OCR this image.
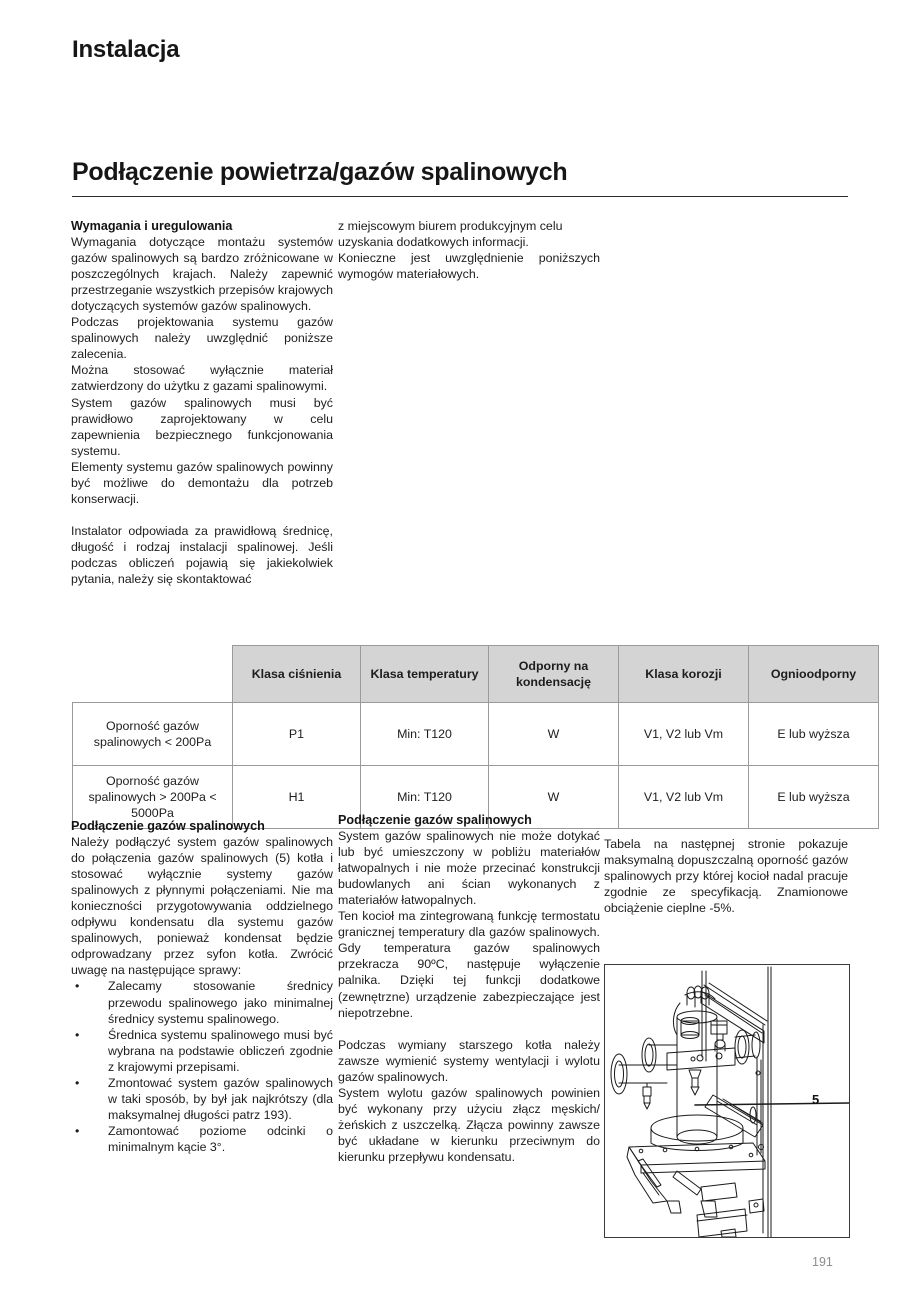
Instalacja
Podłączenie powietrza/gazów spalinowych
Wymagania i uregulowania

Wymagania dotyczące montażu systemów gazów spalinowych są bardzo zróżnicowane w poszczególnych krajach. Należy zapewnić przestrzeganie wszystkich przepisów krajowych dotyczących systemów gazów spalinowych.

Podczas projektowania systemu gazów spalinowych należy uwzględnić poniższe zalecenia.

Można stosować wyłącznie materiał zatwierdzony do użytku z gazami spalinowymi.

System gazów spalinowych musi być prawidłowo zaprojektowany w celu zapewnienia bezpiecznego funkcjonowania systemu.

Elementy systemu gazów spalinowych powinny być możliwe do demontażu dla potrzeb konserwacji.

Instalator odpowiada za prawidłową średnicę, długość i rodzaj instalacji spalinowej. Jeśli podczas obliczeń pojawią się jakiekolwiek pytania, należy się skontaktować

z miejscowym biurem produkcyjnym celu uzyskania dodatkowych informacji.

Konieczne jest uwzględnienie poniższych wymogów materiałowych.

	Klasa ciśnienia	Klasa temperatury	Odporny na kondensację	Klasa korozji	Ognioodporny
Oporność gazów spalinowych < 200Pa	P1	Min: T120	W	V1, V2 lub Vm	E lub wyższa
Oporność gazów spalinowych > 200Pa < 5000Pa	H1	Min: T120	W	V1, V2 lub Vm	E lub wyższa
Podłączenie gazów spalinowych

Należy podłączyć system gazów spalinowych do połączenia gazów spalinowych (5) kotła i stosować wyłącznie systemy gazów spalinowych z płynnymi połączeniami. Nie ma konieczności przygotowywania oddzielnego odpływu kondensatu dla systemu gazów spalinowych, ponieważ kondensat będzie odprowadzany przez syfon kotła. Zwrócić uwagę na następujące sprawy:

• Zalecamy stosowanie średnicy przewodu spalinowego jako minimalnej średnicy systemu spalinowego.
• Średnica systemu spalinowego musi być wybrana na podstawie obliczeń zgodnie z krajowymi przepisami.
• Zmontować system gazów spalinowych w taki sposób, by był jak najkrótszy (dla maksymalnej długości patrz 193).
• Zamontować poziome odcinki o minimalnym kącie 3°.
Podłączenie gazów spalinowych

System gazów spalinowych nie może dotykać lub być umieszczony w pobliżu materiałów łatwopalnych i nie może przecinać konstrukcji budowlanych ani ścian wykonanych z materiałów łatwopalnych.

Ten kocioł ma zintegrowaną funkcję termostatu granicznej temperatury dla gazów spalinowych. Gdy temperatura gazów spalinowych przekracza 90ºC, następuje wyłączenie palnika. Dzięki tej funkcji dodatkowe (zewnętrzne) urządzenie zabezpieczające jest niepotrzebne.

Podczas wymiany starszego kotła należy zawsze wymienić systemy wentylacji i wylotu gazów spalinowych.

System wylotu gazów spalinowych powinien być wykonany przy użyciu złącz męskich/żeńskich z uszczelką. Złącza powinny zawsze być układane w kierunku przeciwnym do kierunku przepływu kondensatu.

Tabela na następnej stronie pokazuje maksymalną dopuszczalną oporność gazów spalinowych przy której kocioł nadal pracuje zgodnie ze specyfikacją. Znamionowe obciążenie cieplne -5%.

5
191
